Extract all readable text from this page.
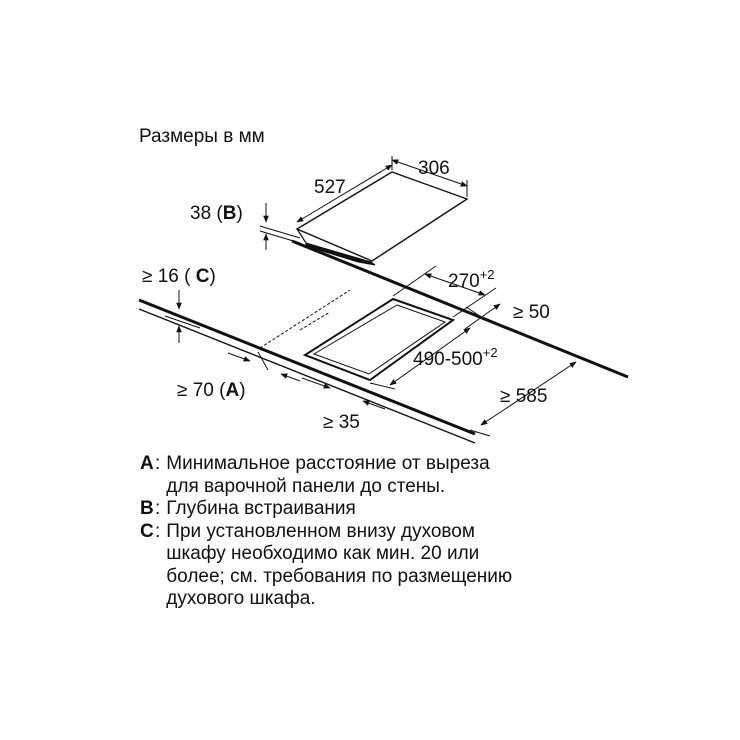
Размеры в мм
306
527
38 (B)
$270^{+2}$
≥ 50
$490-500^{+2}$
≥ 585
≥ 16 ( C)
≥ 70 (A)
≥ 35
A : Минимальное расстояние от выреза
для варочной панели до стены.
B : Глубина встраивания
C : При установленном внизу духовом
шкафу необходимо как мин. 20 или
более; см. требования по размещению
духового шкафа.
